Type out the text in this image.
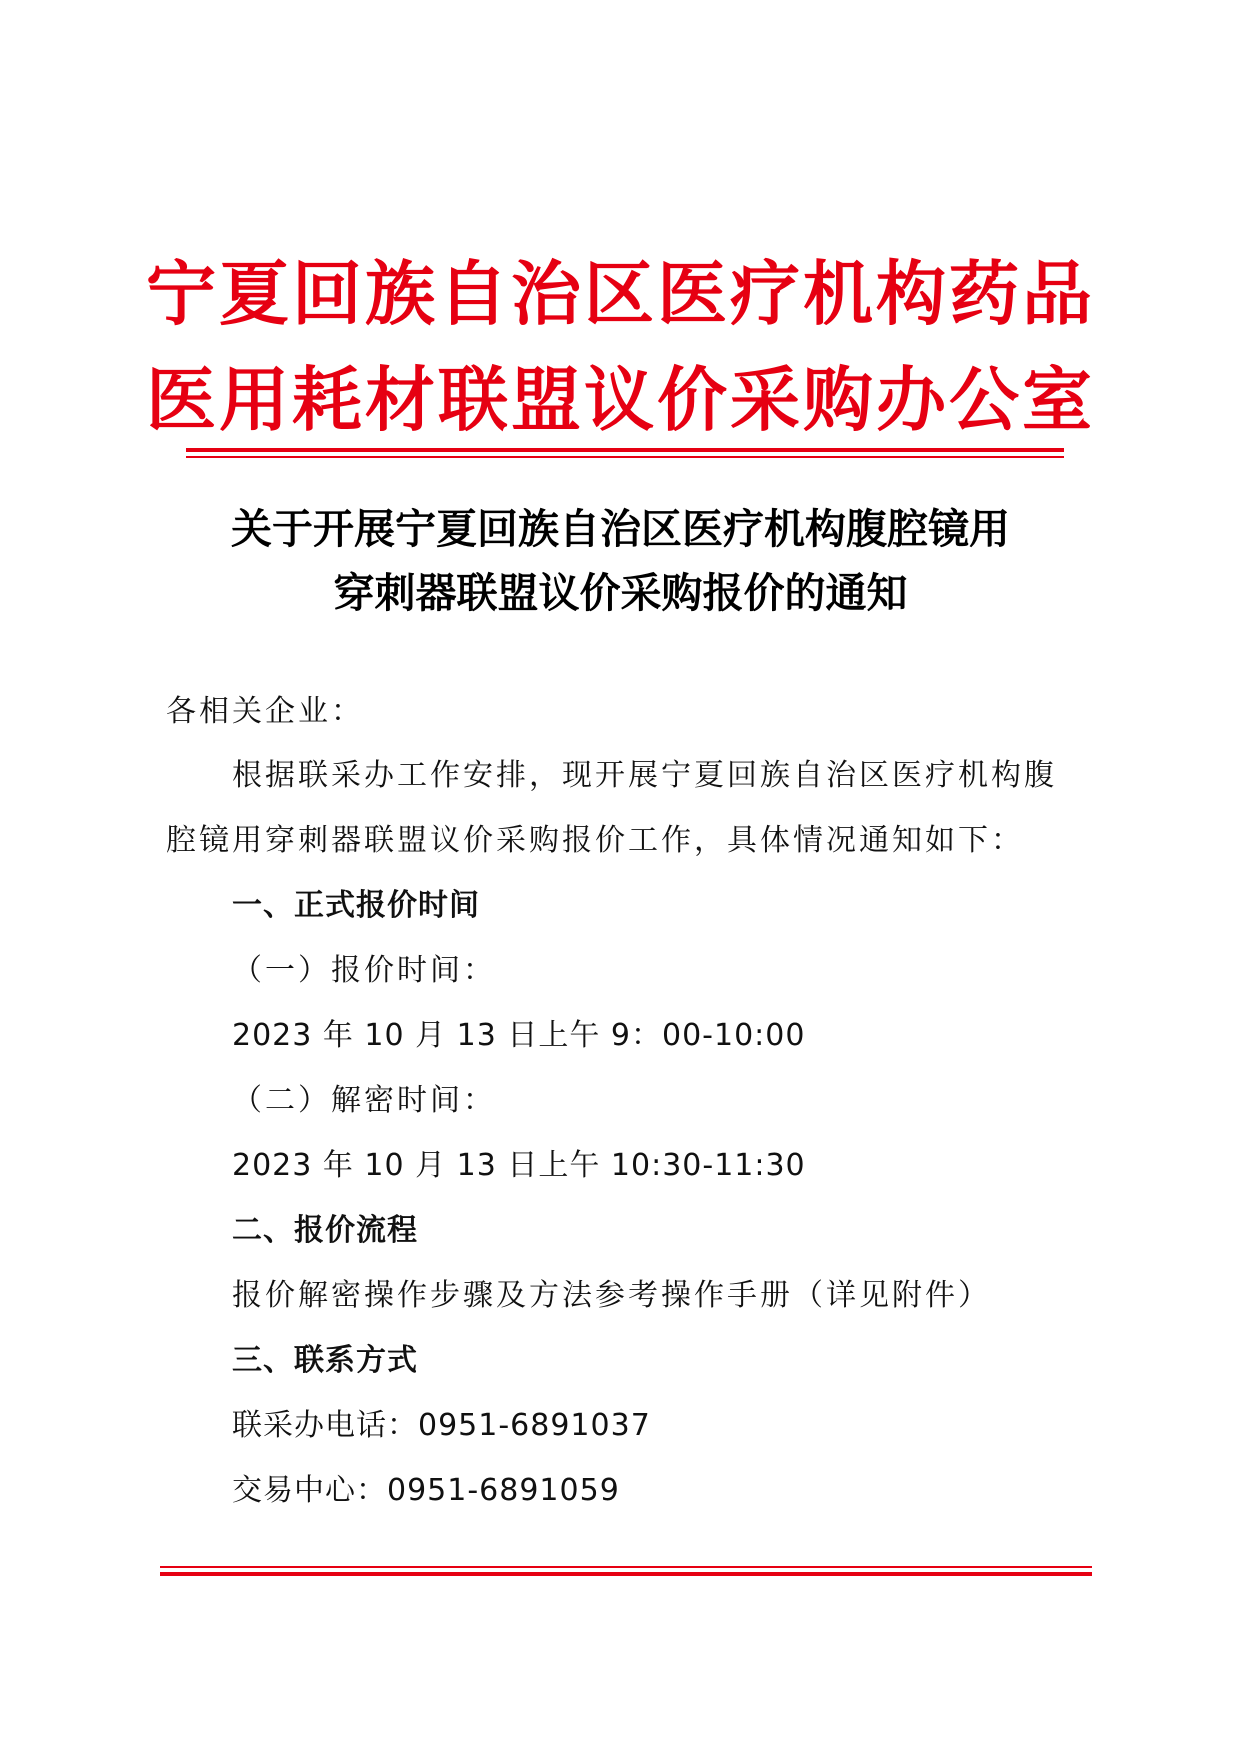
宁夏回族自治区医疗机构药品
医用耗材联盟议价采购办公室
关于开展宁夏回族自治区医疗机构腹腔镜用
穿刺器联盟议价采购报价的通知
各相关企业：
根据联采办工作安排，现开展宁夏回族自治区医疗机构腹
腔镜用穿刺器联盟议价采购报价工作，具体情况通知如下：
一、正式报价时间
（一）报价时间：
2023 年 10 月 13 日上午 9：00-10:00
（二）解密时间：
2023 年 10 月 13 日上午 10:30-11:30
二、报价流程
报价解密操作步骤及方法参考操作手册（详见附件）
三、联系方式
联采办电话：0951-6891037
交易中心：0951-6891059
